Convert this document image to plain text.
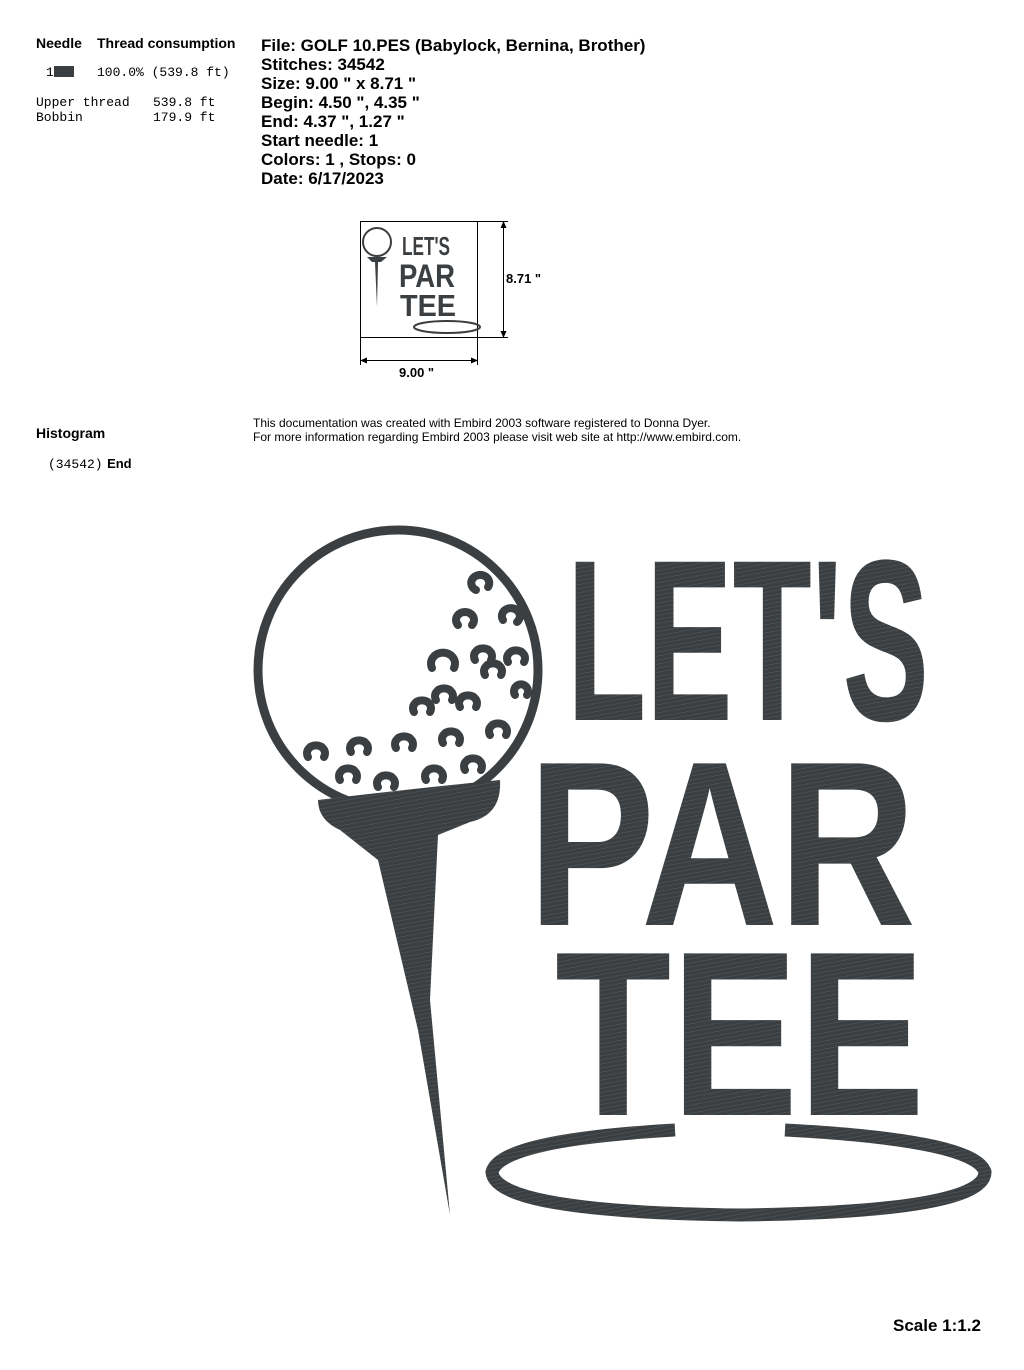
Needle Thread consumption
1	100.0% (539.8 ft)
Upper thread 539.8 ft
Bobbin	179.9 ft
File: GOLF 10.PES (Babylock, Bernina, Brother)
Stitches: 34542
Size: 9.00 " x 8.71 "
Begin: 4.50 ", 4.35 "
End: 4.37 ", 1.27 "
Start needle: 1
Colors: 1 , Stops: 0
Date: 6/17/2023
LET'S
PAR
TEE
8.71 "
9.00 "
Histogram
(34542) End
This documentation was created with Embird 2003 software registered to Donna Dyer.
For more information regarding Embird 2003 please visit web site at http://www.embird.com.
LET'S
PAR
TEE
Scale 1:1.2
